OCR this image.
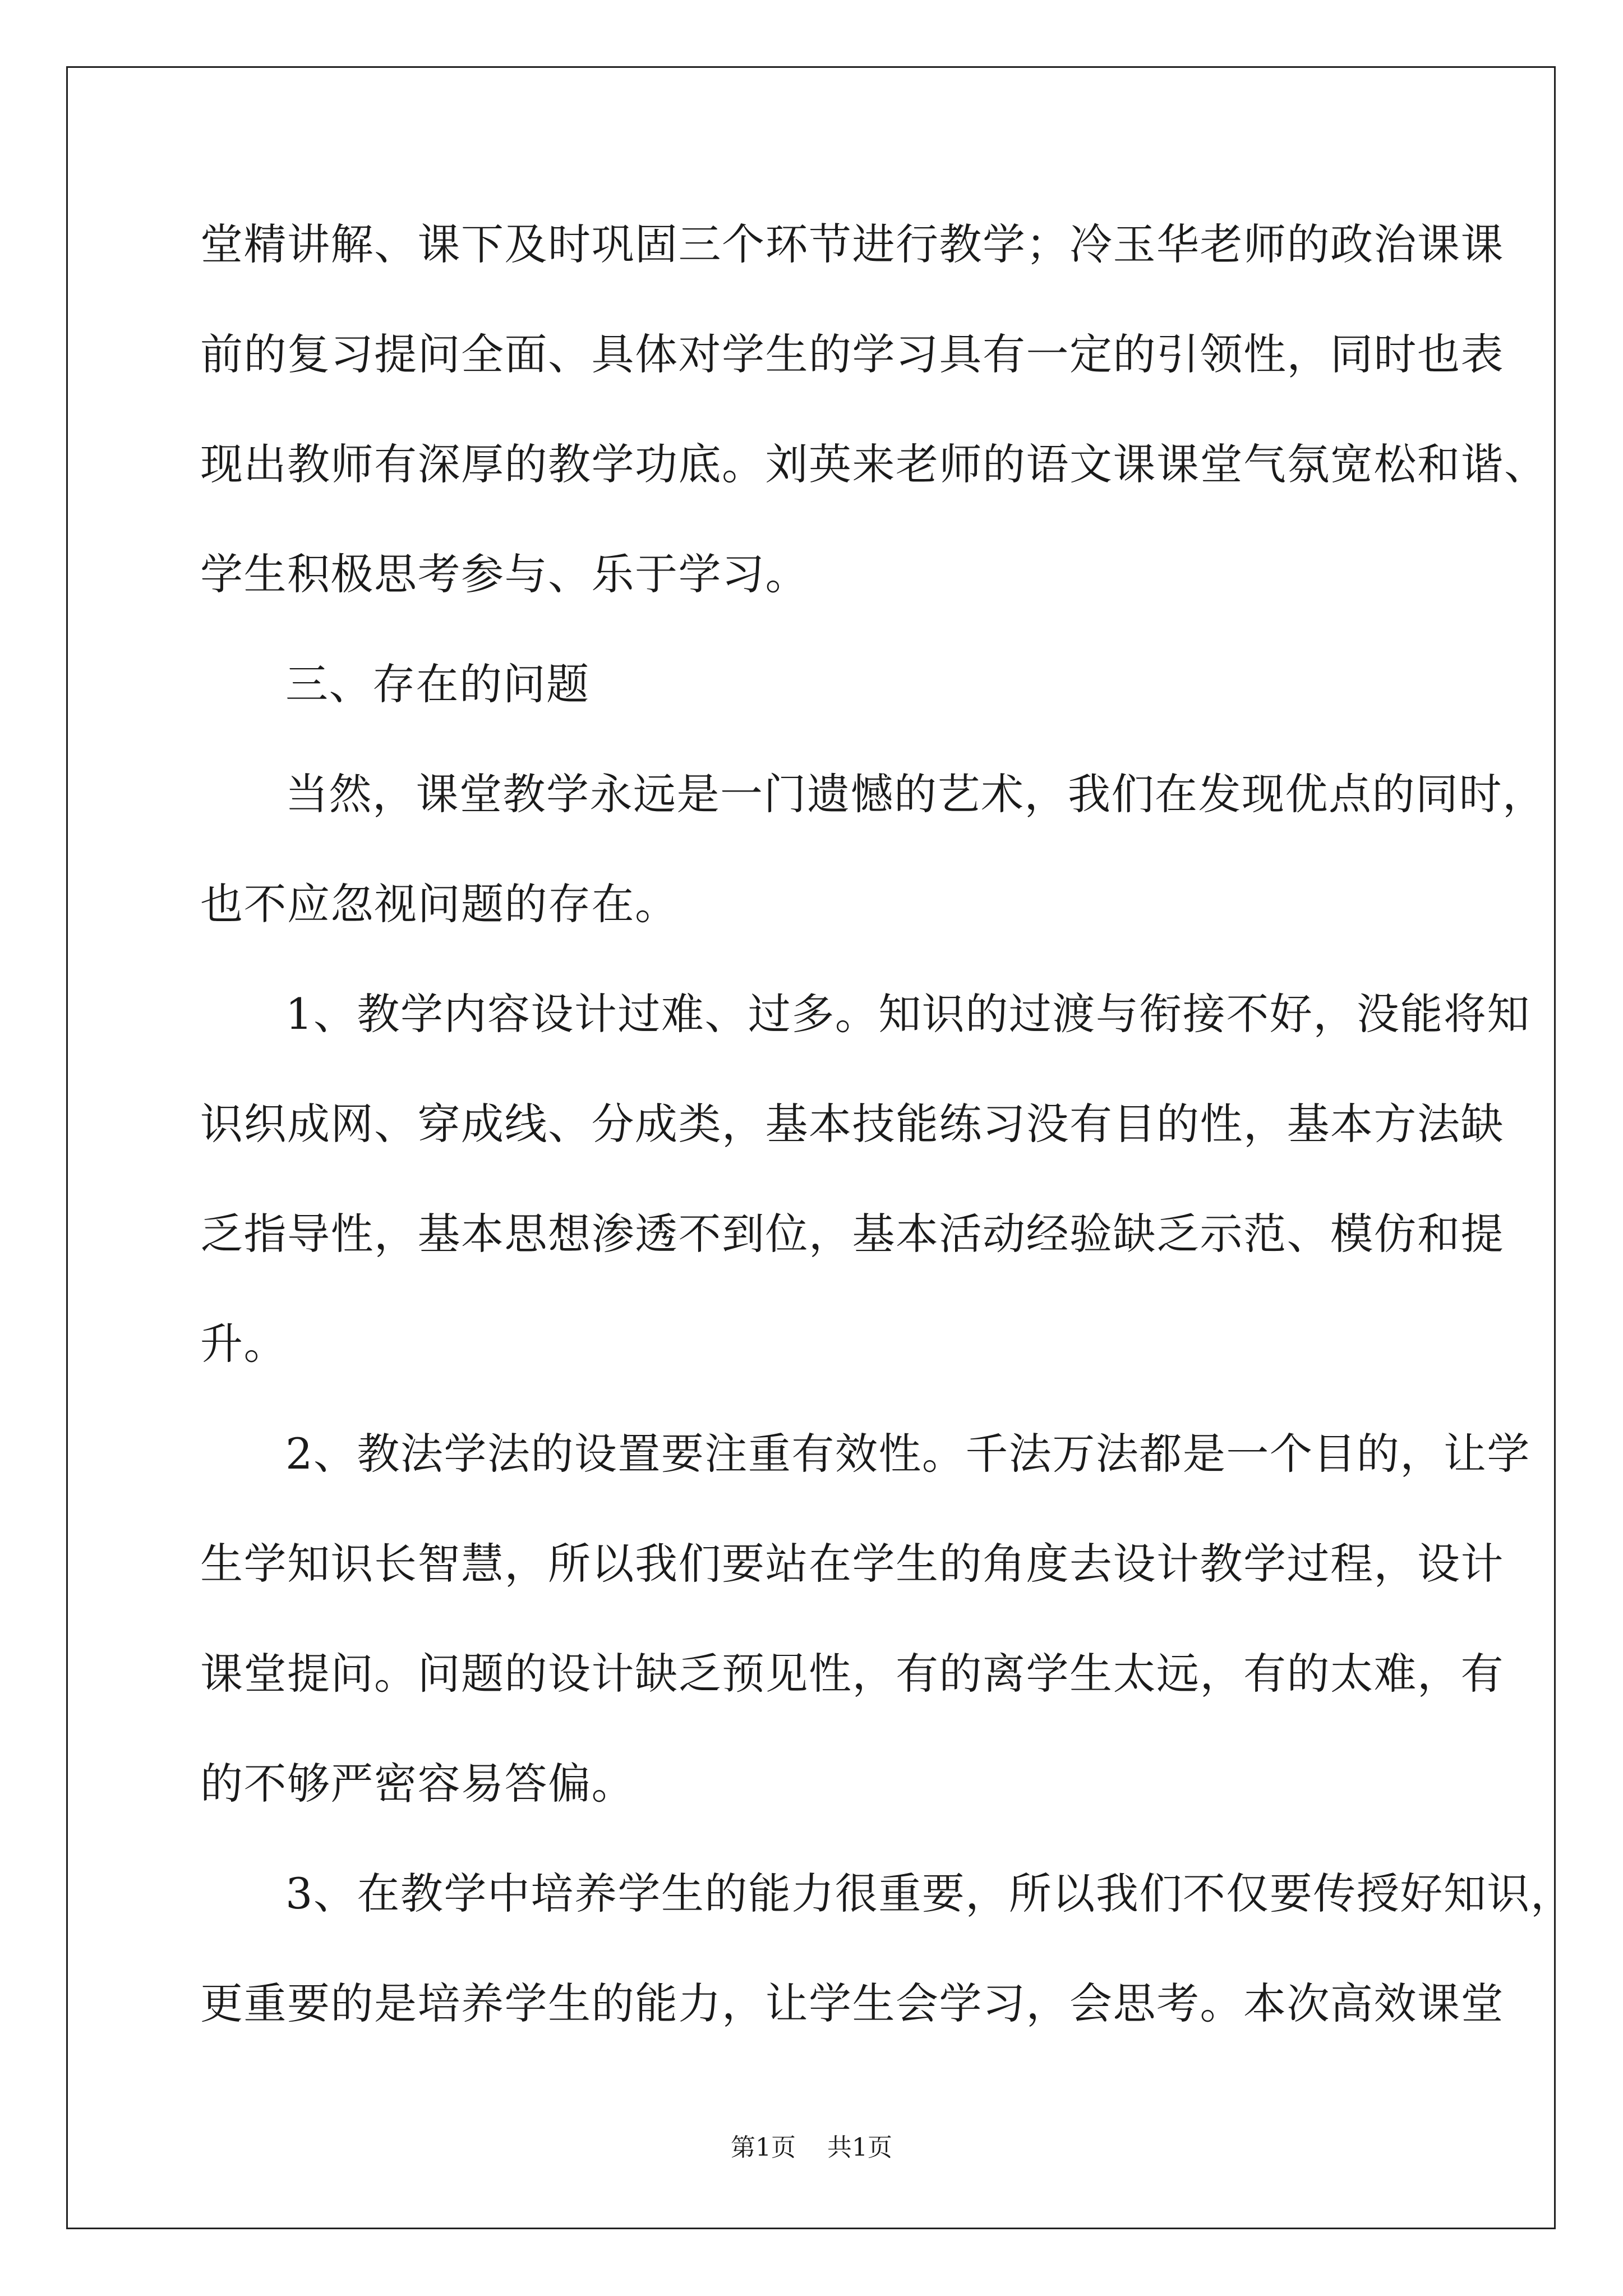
堂精讲解、课下及时巩固三个环节进行教学；冷玉华老师的政治课课
前的复习提问全面、具体对学生的学习具有一定的引领性，同时也表
现出教师有深厚的教学功底。刘英来老师的语文课课堂气氛宽松和谐、
学生积极思考参与、乐于学习。
三、存在的问题
当然，课堂教学永远是一门遗憾的艺术，我们在发现优点的同时，
也不应忽视问题的存在。
1、教学内容设计过难、过多。知识的过渡与衔接不好，没能将知
识织成网、穿成线、分成类，基本技能练习没有目的性，基本方法缺
乏指导性，基本思想渗透不到位，基本活动经验缺乏示范、模仿和提
升。
2、教法学法的设置要注重有效性。千法万法都是一个目的，让学
生学知识长智慧，所以我们要站在学生的角度去设计教学过程，设计
课堂提问。问题的设计缺乏预见性，有的离学生太远，有的太难，有
的不够严密容易答偏。
3、在教学中培养学生的能力很重要，所以我们不仅要传授好知识，
更重要的是培养学生的能力，让学生会学习，会思考。本次高效课堂
第1页 共1页
